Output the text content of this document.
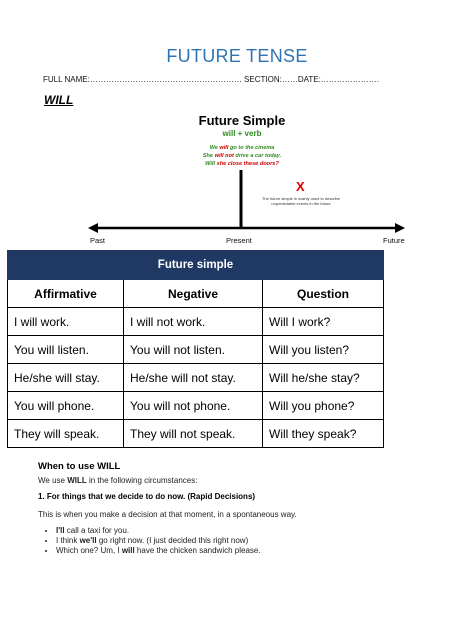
FUTURE TENSE
FULL NAME:………………………………………………… SECTION:……DATE:………………….
WILL
Future Simple
will + verb
We will go to the cinema
She will not drive a car today.
Will she close these doors?
X
The future simple is mainly used to describe unpredictable events in the future
Past	Present	Future
Future simple		
Affirmative	Negative	Question
I will work.	I will not work.	Will I work?
You will listen.	You will not listen.	Will you listen?
He/she will stay.	He/she will not stay.	Will he/she stay?
You will phone.	You will not phone.	Will you phone?
They will speak.	They will not speak.	Will they speak?
When to use WILL
We use WILL in the following circumstances:
1. For things that we decide to do now. (Rapid Decisions)
This is when you make a decision at that moment, in a spontaneous way.
• I'll call a taxi for you.
• I think we'll go right now. (I just decided this right now)
• Which one? Um, I will have the chicken sandwich please.
